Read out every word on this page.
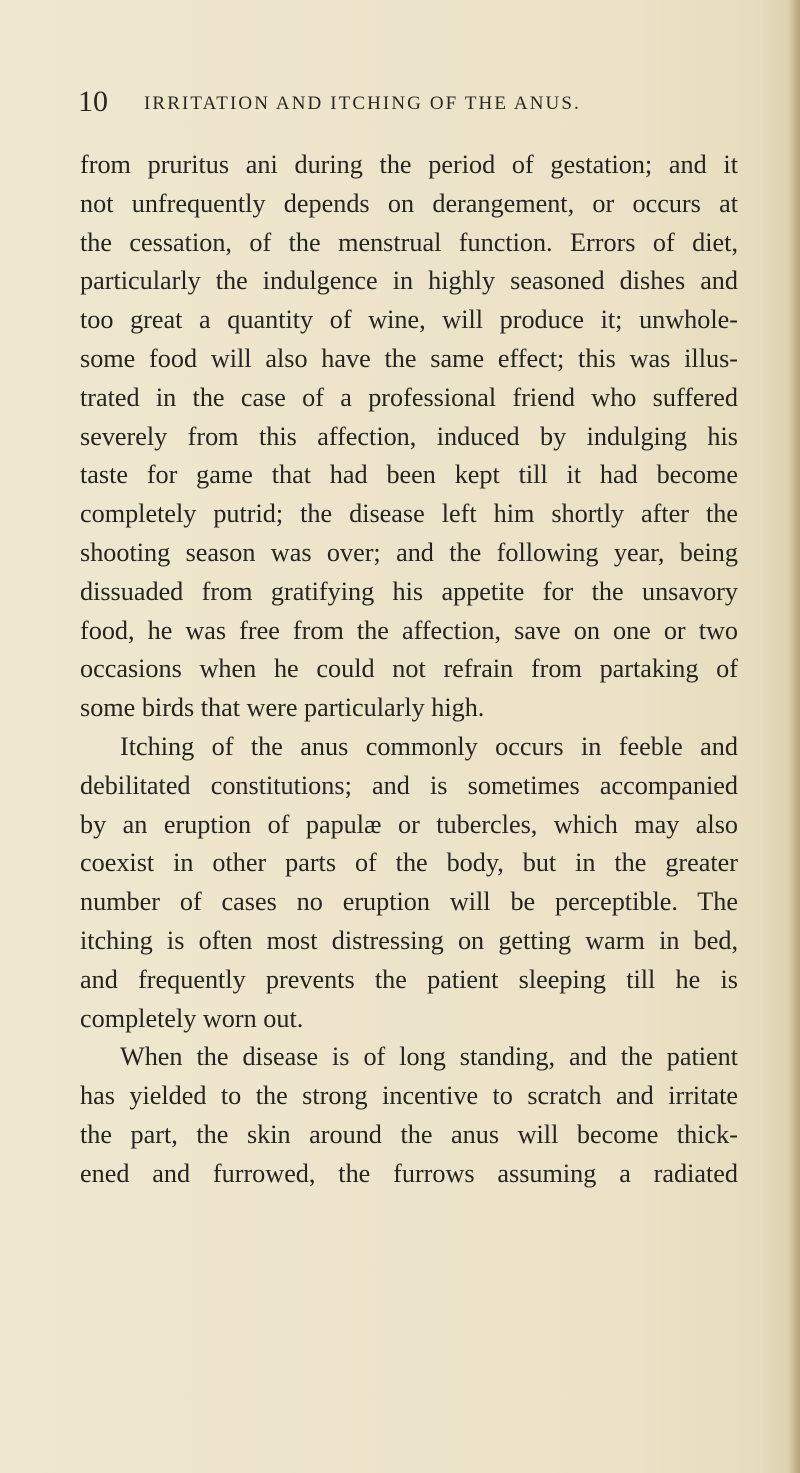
10 IRRITATION AND ITCHING OF THE ANUS.
from pruritus ani during the period of gestation; and it
not unfrequently depends on derangement, or occurs at
the cessation, of the menstrual function. Errors of diet,
particularly the indulgence in highly seasoned dishes and
too great a quantity of wine, will produce it; unwhole-
some food will also have the same effect; this was illus-
trated in the case of a professional friend who suffered
severely from this affection, induced by indulging his
taste for game that had been kept till it had become
completely putrid; the disease left him shortly after the
shooting season was over; and the following year, being
dissuaded from gratifying his appetite for the unsavory
food, he was free from the affection, save on one or two
occasions when he could not refrain from partaking of
some birds that were particularly high.
Itching of the anus commonly occurs in feeble and
debilitated constitutions; and is sometimes accompanied
by an eruption of papulæ or tubercles, which may also
coexist in other parts of the body, but in the greater
number of cases no eruption will be perceptible. The
itching is often most distressing on getting warm in bed,
and frequently prevents the patient sleeping till he is
completely worn out.
When the disease is of long standing, and the patient
has yielded to the strong incentive to scratch and irritate
the part, the skin around the anus will become thick-
ened and furrowed, the furrows assuming a radiated
